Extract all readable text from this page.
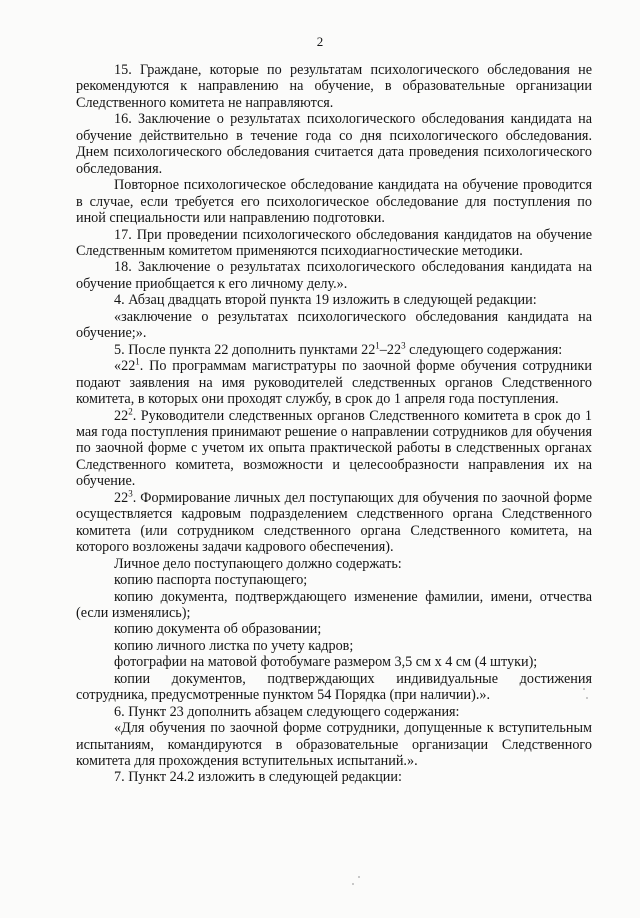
2

15. Граждане, которые по результатам психологического обследования не рекомендуются к направлению на обучение, в образовательные организации Следственного комитета не направляются.

16. Заключение о результатах психологического обследования кандидата на обучение действительно в течение года со дня психологического обследования. Днем психологического обследования считается дата проведения психологического обследования.

Повторное психологическое обследование кандидата на обучение проводится в случае, если требуется его психологическое обследование для поступления по иной специальности или направлению подготовки.

17. При проведении психологического обследования кандидатов на обучение Следственным комитетом применяются психодиагностические методики.

18. Заключение о результатах психологического обследования кандидата на обучение приобщается к его личному делу.».

4. Абзац двадцать второй пункта 19 изложить в следующей редакции:

«заключение о результатах психологического обследования кандидата на обучение;».

5. После пункта 22 дополнить пунктами $22^1-22^3$ следующего содержания:

«$22^1$. По программам магистратуры по заочной форме обучения сотрудники подают заявления на имя руководителей следственных органов Следственного комитета, в которых они проходят службу, в срок до 1 апреля года поступления.

$22^2$. Руководители следственных органов Следственного комитета в срок до 1 мая года поступления принимают решение о направлении сотрудников для обучения по заочной форме с учетом их опыта практической работы в следственных органах Следственного комитета, возможности и целесообразности направления их на обучение.

$22^3$. Формирование личных дел поступающих для обучения по заочной форме осуществляется кадровым подразделением следственного органа Следственного комитета (или сотрудником следственного органа Следственного комитета, на которого возложены задачи кадрового обеспечения).

Личное дело поступающего должно содержать:

копию паспорта поступающего;

копию документа, подтверждающего изменение фамилии, имени, отчества (если изменялись);

копию документа об образовании;

копию личного листка по учету кадров;

фотографии на матовой фотобумаге размером 3,5 см х 4 см (4 штуки);

копии документов, подтверждающих индивидуальные достижения сотрудника, предусмотренные пунктом 54 Порядка (при наличии).».

6. Пункт 23 дополнить абзацем следующего содержания:

«Для обучения по заочной форме сотрудники, допущенные к вступительным испытаниям, командируются в образовательные организации Следственного комитета для прохождения вступительных испытаний.».

7. Пункт 24.2 изложить в следующей редакции:
